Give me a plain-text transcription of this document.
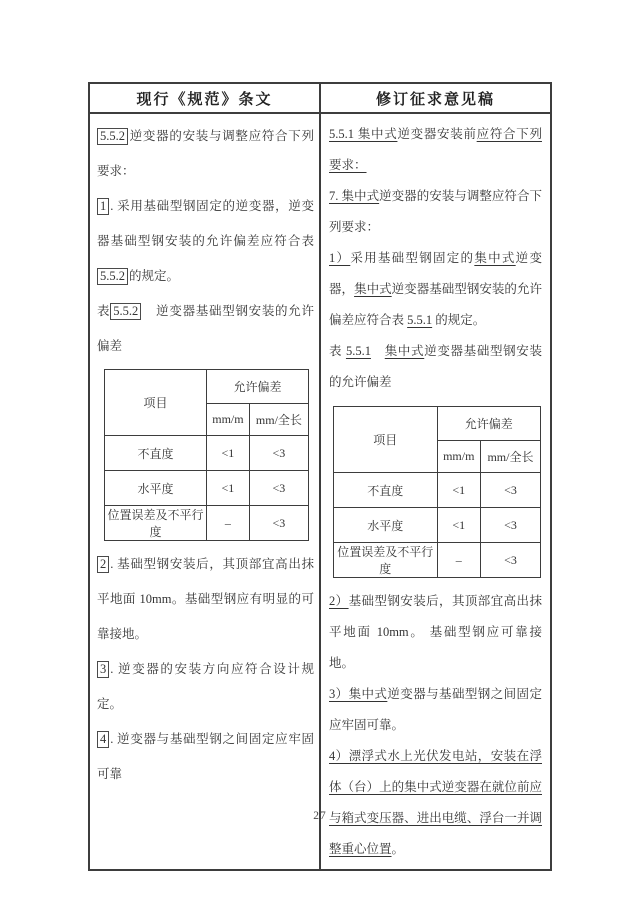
现行《规范》条文	修订征求意见稿

5.5.2 逆变器的安装与调整应符合下列要求：

1 . 采用基础型钢固定的逆变器，逆变器基础型钢安装的允许偏差应符合表5.5.2 的规定。

表 5.5.2　逆变器基础型钢安装的允许偏差

项目	允许偏差
mm/m	mm/全长
不直度	<1	<3
水平度	<1	<3
位置误差及不平行度	–	<3

2 . 基础型钢安装后，其顶部宜高出抹平地面 10mm。基础型钢应有明显的可靠接地。

3 . 逆变器的安装方向应符合设计规定。

4 . 逆变器与基础型钢之间固定应牢固可靠

5.5.1 集中式逆变器安装前应符合下列要求：

7. 集中式逆变器的安装与调整应符合下列要求：

1）采用基础型钢固定的集中式逆变器，集中式逆变器基础型钢安装的允许偏差应符合表 5.5.1 的规定。

表 5.5.1　 集中式逆变器基础型钢安装的允许偏差

项目	允许偏差
mm/m	mm/全长
不直度	<1	<3
水平度	<1	<3
位置误差及不平行度	–	<3

2）基础型钢安装后，其顶部宜高出抹平地面 10mm。 基础型钢应可靠接地。

3）集中式逆变器与基础型钢之间固定应牢固可靠。

4）漂浮式水上光伏发电站，安装在浮体（台）上的集中式逆变器在就位前应与箱式变压器、进出电缆、浮台一并调整重心位置。

27
